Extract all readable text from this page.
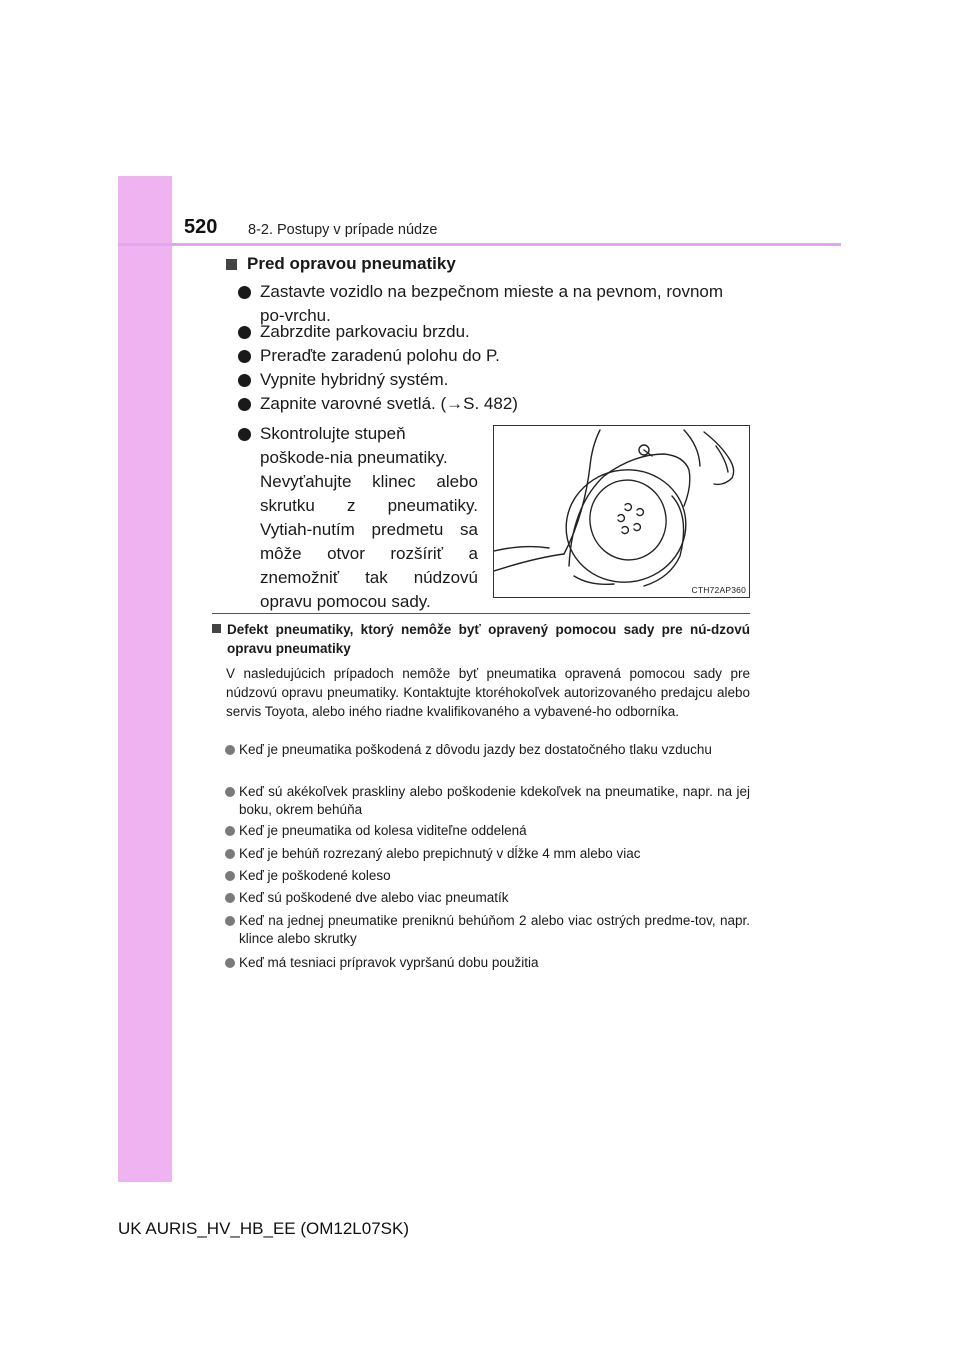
520 8-2. Postupy v prípade núdze
Pred opravou pneumatiky
Zastavte vozidlo na bezpečnom mieste a na pevnom, rovnom po-vrchu.
Zabrzdite parkovaciu brzdu.
Preraďte zaradenú polohu do P.
Vypnite hybridný systém.
Zapnite varovné svetlá. (→S. 482)
Skontrolujte stupeň poškode-nia pneumatiky.
Nevyťahujte klinec alebo skrutku z pneumatiky. Vytiah-nutím predmetu sa môže otvor rozšíriť a znemožniť tak núdzovú opravu pomocou sady.
CTH72AP360
Defekt pneumatiky, ktorý nemôže byť opravený pomocou sady pre nú-dzovú opravu pneumatiky
V nasledujúcich prípadoch nemôže byť pneumatika opravená pomocou sady pre núdzovú opravu pneumatiky. Kontaktujte ktoréhokoľvek autorizovaného predajcu alebo servis Toyota, alebo iného riadne kvalifikovaného a vybavené-ho odborníka.
Keď je pneumatika poškodená z dôvodu jazdy bez dostatočného tlaku vzduchu
Keď sú akékoľvek praskliny alebo poškodenie kdekoľvek na pneumatike, napr. na jej boku, okrem behúňa
Keď je pneumatika od kolesa viditeľne oddelená
Keď je behúň rozrezaný alebo prepichnutý v dĺžke 4 mm alebo viac
Keď je poškodené koleso
Keď sú poškodené dve alebo viac pneumatík
Keď na jednej pneumatike preniknú behúňom 2 alebo viac ostrých predme-tov, napr. klince alebo skrutky
Keď má tesniaci prípravok vypršanú dobu použitia
UK AURIS_HV_HB_EE (OM12L07SK)
